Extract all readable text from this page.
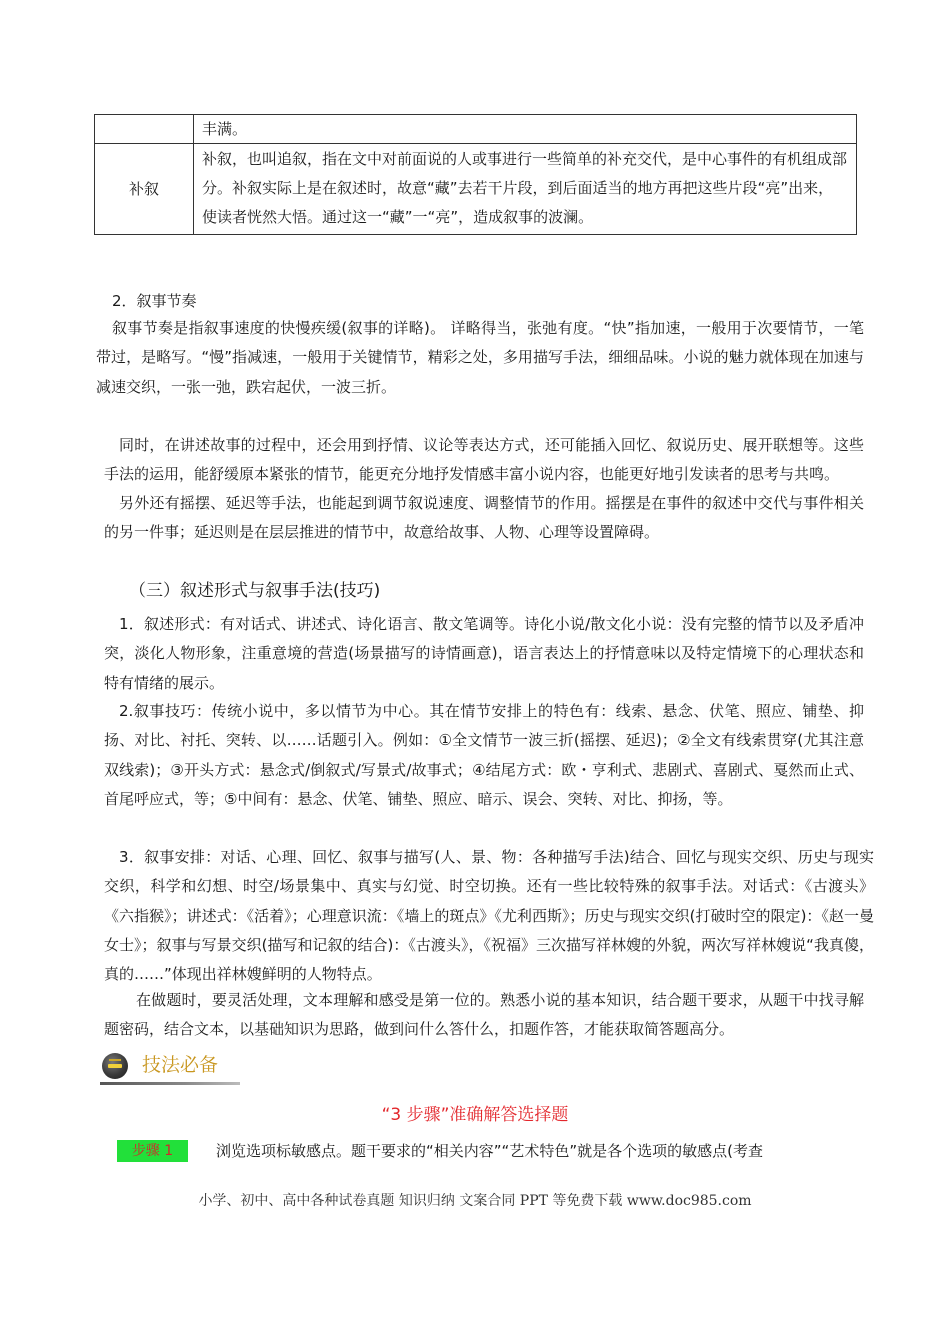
	丰满。
补叙	补叙，也叫追叙，指在文中对前面说的人或事进行一些简单的补充交代，是中心事件的有机组成部分。补叙实际上是在叙述时，故意“藏”去若干片段，到后面适当的地方再把这些片段“亮”出来，使读者恍然大悟。通过这一“藏”一“亮”，造成叙事的波澜。
2．叙事节奏
叙事节奏是指叙事速度的快慢疾缓(叙事的详略)。 详略得当，张弛有度。“快”指加速，一般用于次要情节，一笔带过，是略写。“慢”指减速，一般用于关键情节，精彩之处，多用描写手法，细细品味。小说的魅力就体现在加速与减速交织，一张一弛，跌宕起伏，一波三折。
同时，在讲述故事的过程中，还会用到抒情、议论等表达方式，还可能插入回忆、叙说历史、展开联想等。这些手法的运用，能舒缓原本紧张的情节，能更充分地抒发情感丰富小说内容，也能更好地引发读者的思考与共鸣。
另外还有摇摆、延迟等手法，也能起到调节叙说速度、调整情节的作用。摇摆是在事件的叙述中交代与事件相关的另一件事；延迟则是在层层推进的情节中，故意给故事、人物、心理等设置障碍。
（三）叙述形式与叙事手法(技巧)
1．叙述形式：有对话式、讲述式、诗化语言、散文笔调等。诗化小说/散文化小说：没有完整的情节以及矛盾冲突，淡化人物形象，注重意境的营造(场景描写的诗情画意)，语言表达上的抒情意味以及特定情境下的心理状态和特有情绪的展示。
2.叙事技巧：传统小说中，多以情节为中心。其在情节安排上的特色有：线索、悬念、伏笔、照应、铺垫、抑扬、对比、衬托、突转、以……话题引入。例如：①全文情节一波三折(摇摆、延迟)；②全文有线索贯穿(尤其注意双线索)；③开头方式：悬念式/倒叙式/写景式/故事式；④结尾方式：欧・亨利式、悲剧式、喜剧式、戛然而止式、首尾呼应式，等；⑤中间有：悬念、伏笔、铺垫、照应、暗示、误会、突转、对比、抑扬，等。
3．叙事安排：对话、心理、回忆、叙事与描写(人、景、物：各种描写手法)结合、回忆与现实交织、历史与现实交织，科学和幻想、时空/场景集中、真实与幻觉、时空切换。还有一些比较特殊的叙事手法。对话式：《古渡头》《六指猴》；讲述式：《活着》；心理意识流：《墙上的斑点》《尤利西斯》；历史与现实交织(打破时空的限定)：《赵一曼女士》；叙事与写景交织(描写和记叙的结合)：《古渡头》，《祝福》三次描写祥林嫂的外貌，两次写祥林嫂说“我真傻，真的……”体现出祥林嫂鲜明的人物特点。
在做题时，要灵活处理，文本理解和感受是第一位的。熟悉小说的基本知识，结合题干要求，从题干中找寻解题密码，结合文本，以基础知识为思路，做到问什么答什么，扣题作答，才能获取简答题高分。
技法必备
“3 步骤”准确解答选择题
步骤 1	浏览选项标敏感点。题干要求的“相关内容”“艺术特色”就是各个选项的敏感点(考查
小学、初中、高中各种试卷真题 知识归纳 文案合同 PPT 等免费下载 www.doc985.com
